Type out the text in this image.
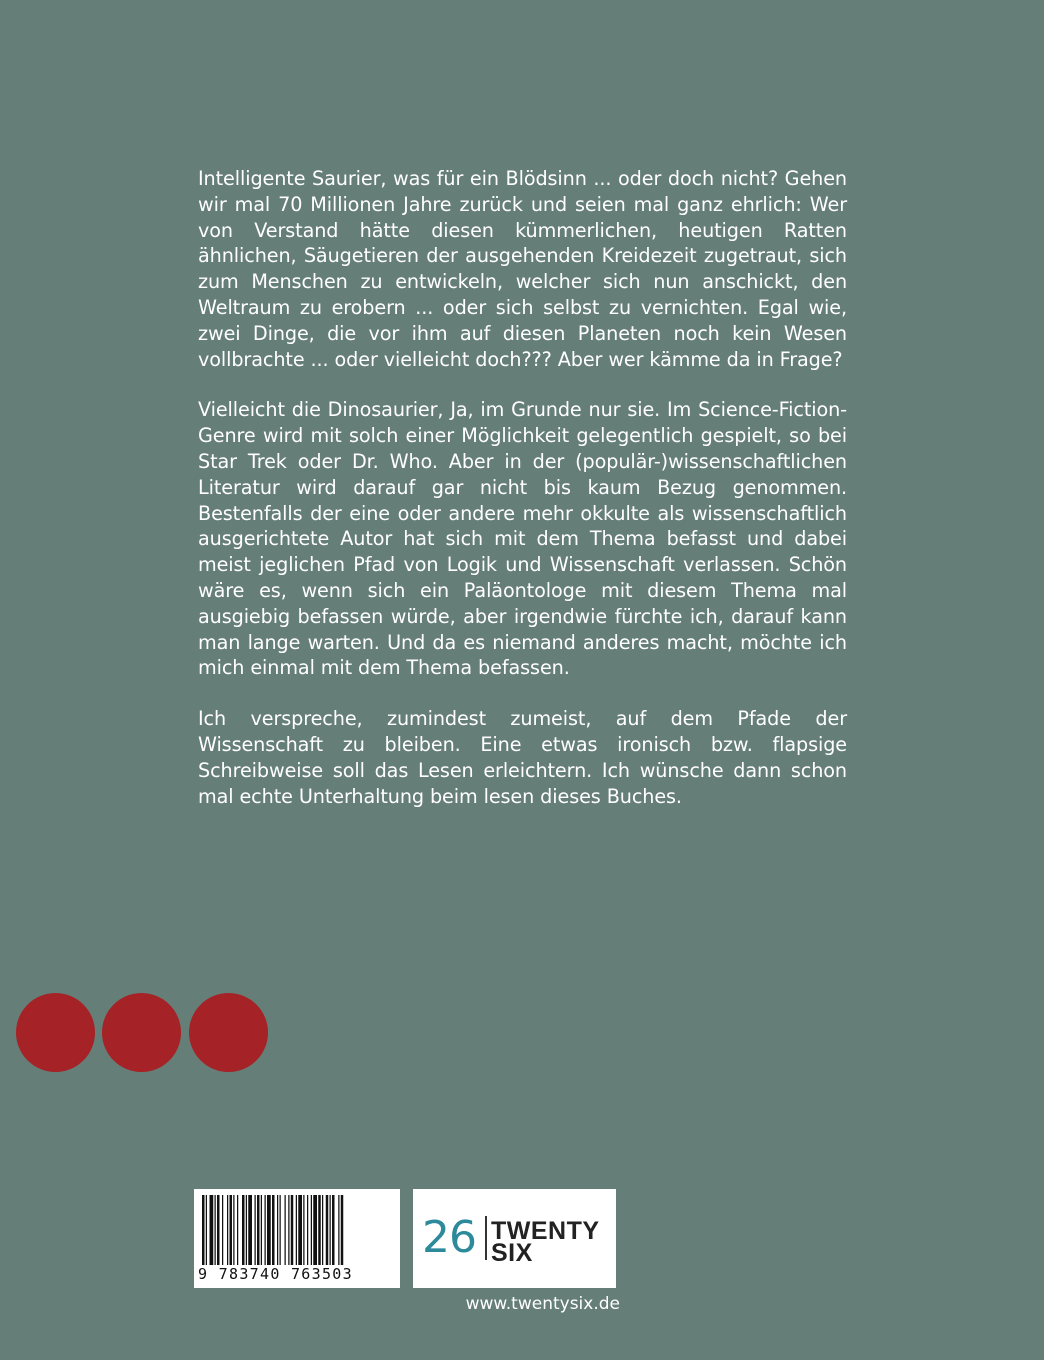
Intelligente Saurier, was für ein Blödsinn ... oder doch nicht? Gehen wir mal 70 Millionen Jahre zurück und seien mal ganz ehrlich: Wer von Verstand hätte diesen kümmerlichen, heutigen Ratten ähnlichen, Säugetieren der ausgehenden Kreidezeit zugetraut, sich zum Menschen zu entwickeln, welcher sich nun anschickt, den Weltraum zu erobern ... oder sich selbst zu vernichten. Egal wie, zwei Dinge, die vor ihm auf diesen Planeten noch kein Wesen vollbrachte ... oder vielleicht doch??? Aber wer kämme da in Frage?

Vielleicht die Dinosaurier, Ja, im Grunde nur sie. Im Science-Fiction-Genre wird mit solch einer Möglichkeit gelegentlich gespielt, so bei Star Trek oder Dr. Who. Aber in der (populär-)wissenschaftlichen Literatur wird darauf gar nicht bis kaum Bezug genommen. Bestenfalls der eine oder andere mehr okkulte als wissenschaftlich ausgerichtete Autor hat sich mit dem Thema befasst und dabei meist jeglichen Pfad von Logik und Wissenschaft verlassen. Schön wäre es, wenn sich ein Paläontologe mit diesem Thema mal ausgiebig befassen würde, aber irgendwie fürchte ich, darauf kann man lange warten. Und da es niemand anderes macht, möchte ich mich einmal mit dem Thema befassen.

Ich verspreche, zumindest zumeist, auf dem Pfade der Wissenschaft zu bleiben. Eine etwas ironisch bzw. flapsige Schreibweise soll das Lesen erleichtern. Ich wünsche dann schon mal echte Unterhaltung beim lesen dieses Buches.

9 783740 763503
26 TWENTY
SIX
www.twentysix.de
